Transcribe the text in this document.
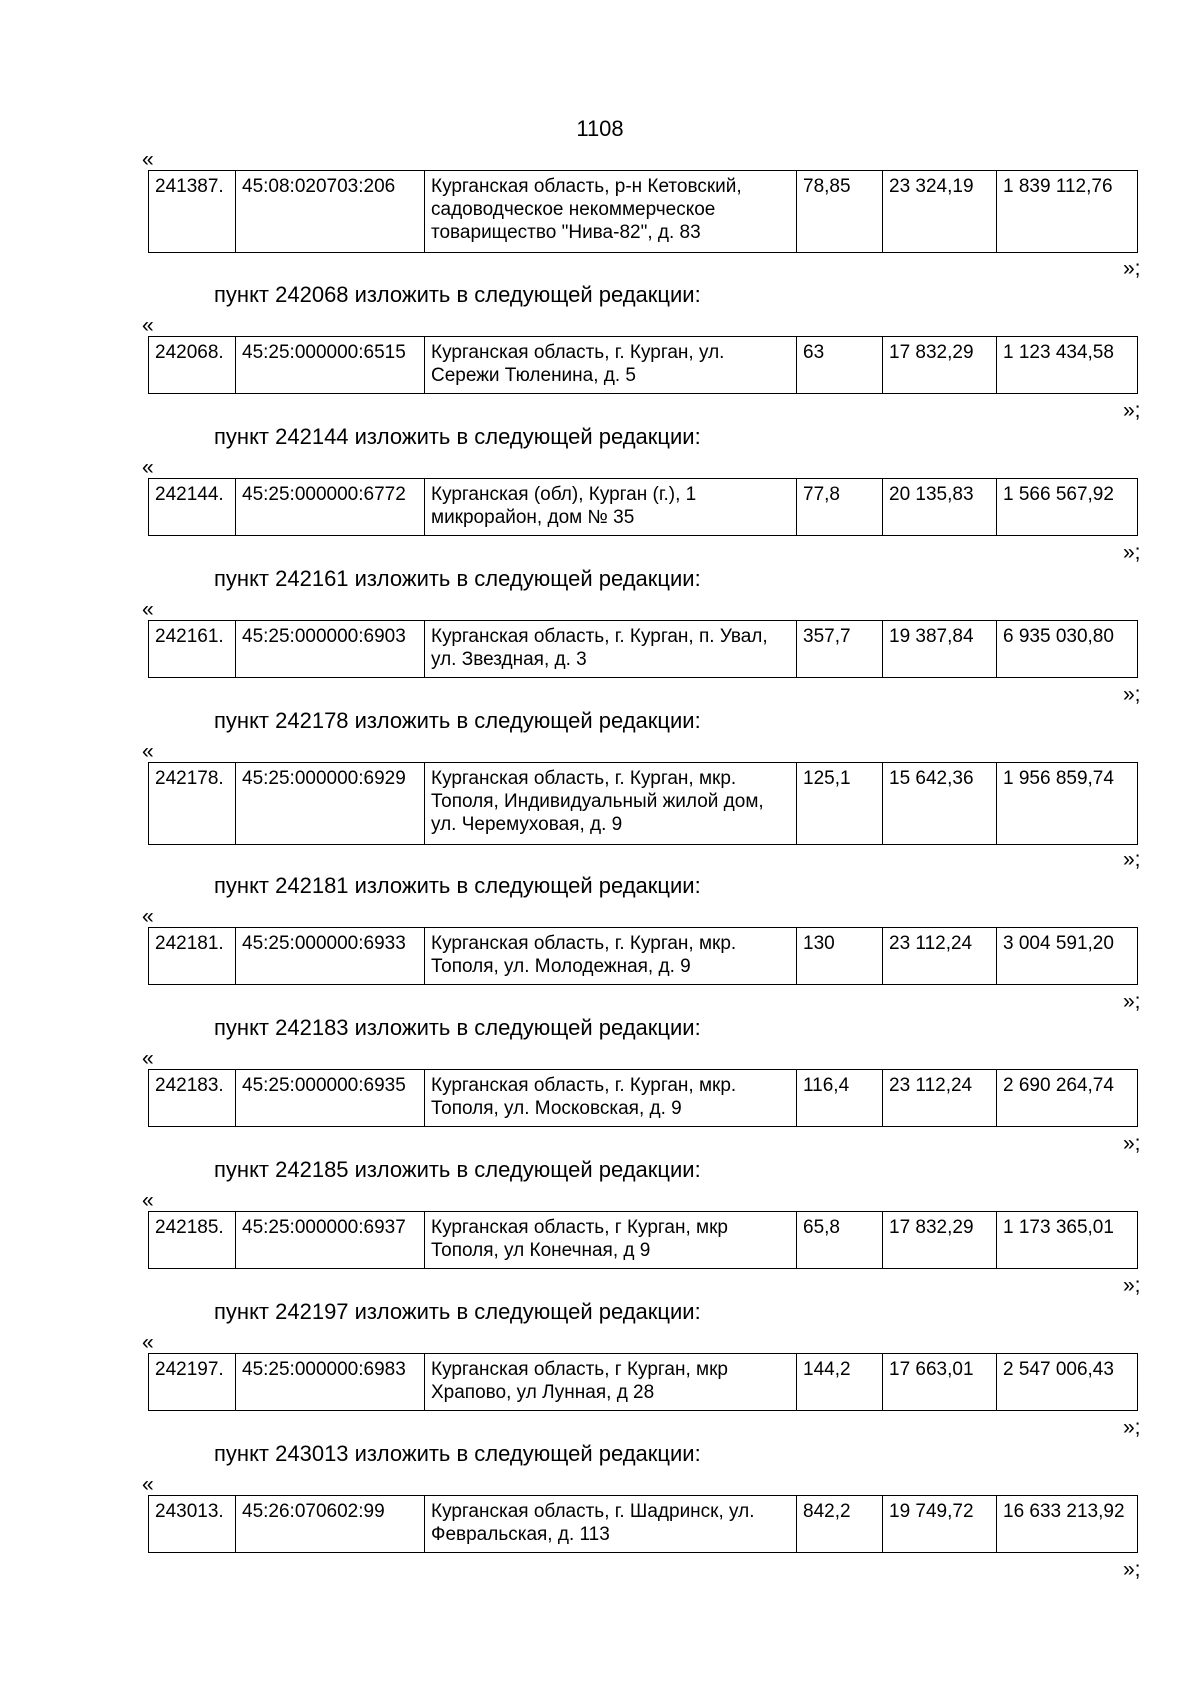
1108
«
241387.	45:08:020703:206	Курганская область, р-н Кетовский, садоводческое некоммерческое товарищество "Нива-82", д. 83	78,85	23 324,19	1 839 112,76
»;
пункт 242068 изложить в следующей редакции:
«
242068.	45:25:000000:6515	Курганская область, г. Курган, ул. Сережи Тюленина, д. 5	63	17 832,29	1 123 434,58
»;
пункт 242144 изложить в следующей редакции:
«
242144.	45:25:000000:6772	Курганская (обл), Курган (г.), 1 микрорайон, дом № 35	77,8	20 135,83	1 566 567,92
»;
пункт 242161 изложить в следующей редакции:
«
242161.	45:25:000000:6903	Курганская область, г. Курган, п. Увал, ул. Звездная, д. 3	357,7	19 387,84	6 935 030,80
»;
пункт 242178 изложить в следующей редакции:
«
242178.	45:25:000000:6929	Курганская область, г. Курган, мкр. Тополя, Индивидуальный жилой дом, ул. Черемуховая, д. 9	125,1	15 642,36	1 956 859,74
»;
пункт 242181 изложить в следующей редакции:
«
242181.	45:25:000000:6933	Курганская область, г. Курган, мкр. Тополя, ул. Молодежная, д. 9	130	23 112,24	3 004 591,20
»;
пункт 242183 изложить в следующей редакции:
«
242183.	45:25:000000:6935	Курганская область, г. Курган, мкр. Тополя, ул. Московская, д. 9	116,4	23 112,24	2 690 264,74
»;
пункт 242185 изложить в следующей редакции:
«
242185.	45:25:000000:6937	Курганская область, г Курган, мкр Тополя, ул Конечная, д 9	65,8	17 832,29	1 173 365,01
»;
пункт 242197 изложить в следующей редакции:
«
242197.	45:25:000000:6983	Курганская область, г Курган, мкр Храпово, ул Лунная, д 28	144,2	17 663,01	2 547 006,43
»;
пункт 243013 изложить в следующей редакции:
«
243013.	45:26:070602:99	Курганская область, г. Шадринск, ул. Февральская, д. 113	842,2	19 749,72	16 633 213,92
»;
